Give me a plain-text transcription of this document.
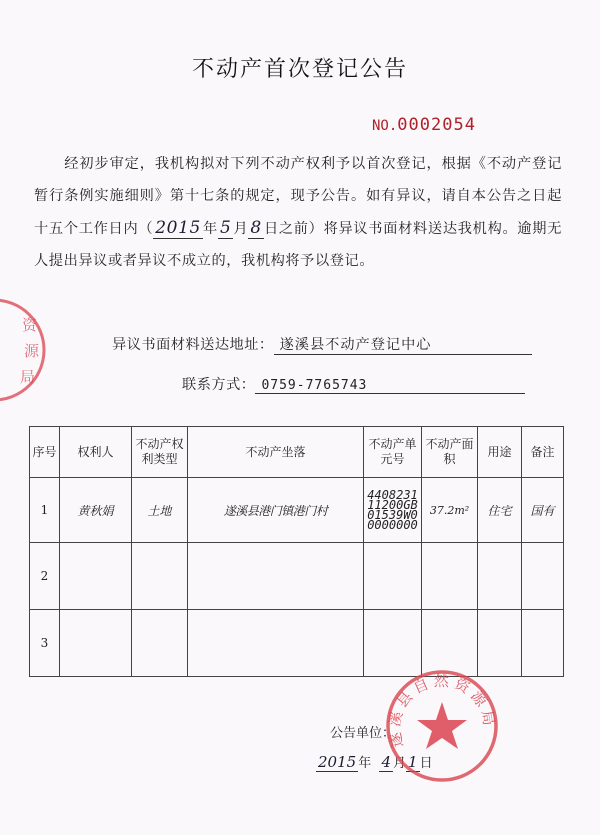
不动产首次登记公告
NO.0002054
经初步审定，我机构拟对下列不动产权利予以首次登记，根据《不动产登记暂行条例实施细则》第十七条的规定，现予公告。如有异议，请自本公告之日起十五个工作日内（ 2015 年 5 月 8 日之前）将异议书面材料送达我机构。逾期无人提出异议或者异议不成立的，我机构将予以登记。
异议书面材料送达地址： 遂溪县不动产登记中心
联系方式： 0759-7765743
序号	权利人	不动产权利类型	不动产坐落	不动产单元号	不动产面积	用途	备注
1	黄秋娟	土地	遂溪县港门镇港门村	440823111200GB01539W00000000	37.2m²	住宅	国有
2							
3							
公告单位：
2015 年 4 月 1 日
资
源
局
遂溪县自然资源局
